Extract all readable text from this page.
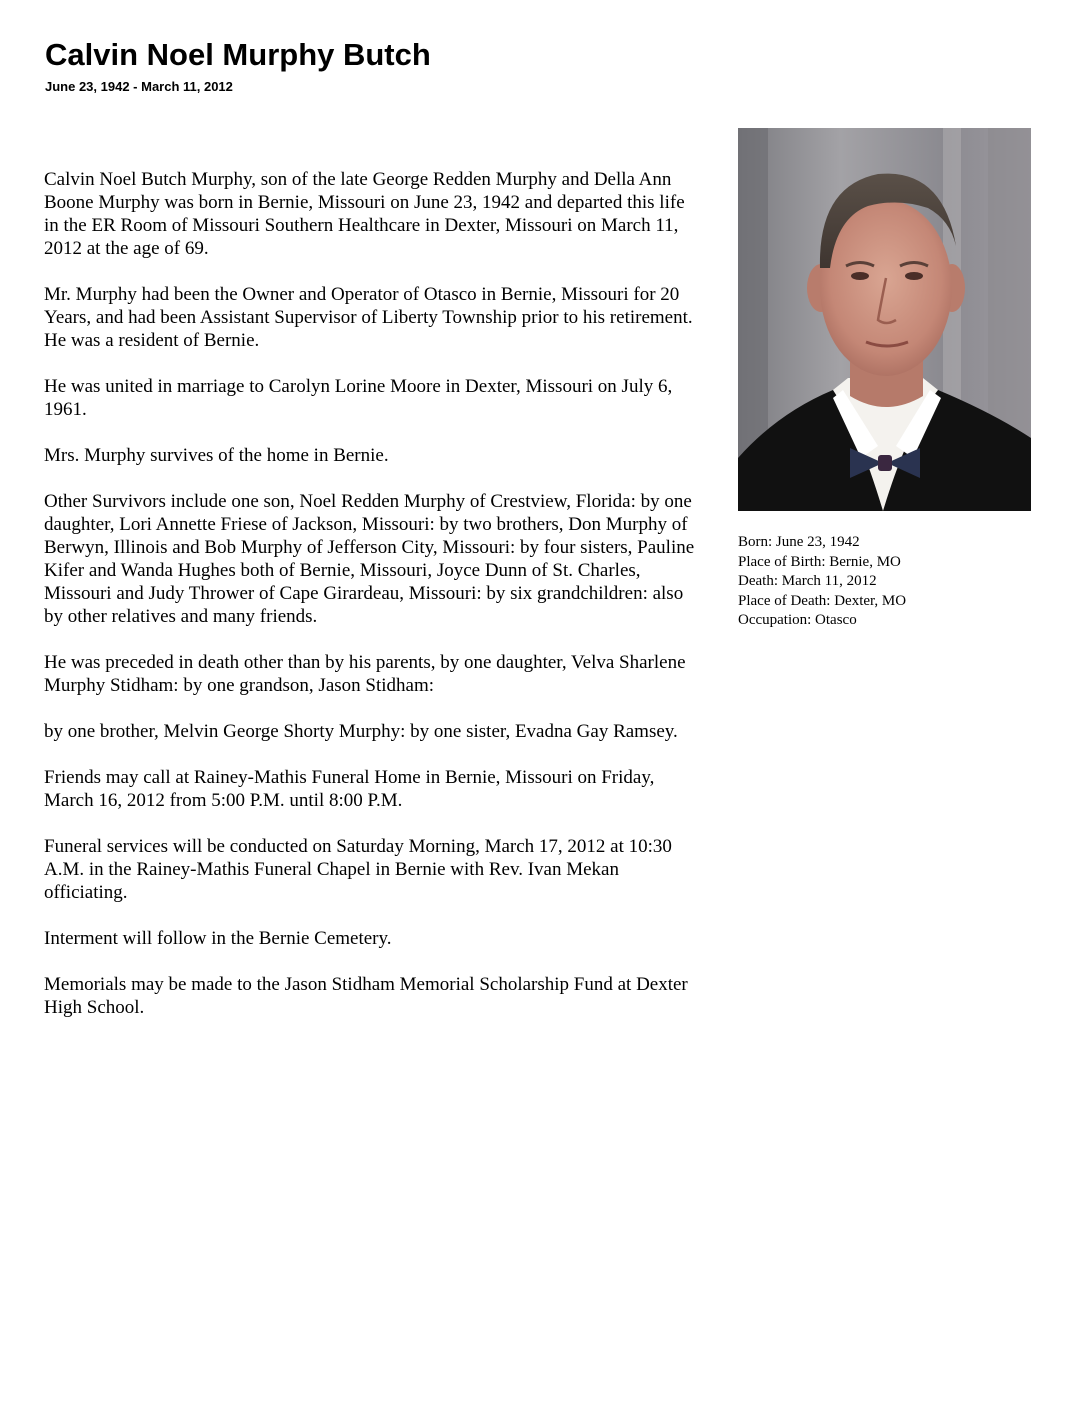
Calvin Noel Murphy Butch
June 23, 1942 - March 11, 2012

Calvin Noel Butch Murphy, son of the late George Redden Murphy and Della Ann Boone Murphy was born in Bernie, Missouri on June 23, 1942 and departed this life in the ER Room of Missouri Southern Healthcare in Dexter, Missouri on March 11, 2012 at the age of 69.

Mr. Murphy had been the Owner and Operator of Otasco in Bernie, Missouri for 20 Years, and had been Assistant Supervisor of Liberty Township prior to his retirement. He was a resident of Bernie.

He was united in marriage to Carolyn Lorine Moore in Dexter, Missouri on July 6, 1961.

Mrs. Murphy survives of the home in Bernie.

Other Survivors include one son, Noel Redden Murphy of Crestview, Florida: by one daughter, Lori Annette Friese of Jackson, Missouri: by two brothers, Don Murphy of Berwyn, Illinois and Bob Murphy of Jefferson City, Missouri: by four sisters, Pauline Kifer and Wanda Hughes both of Bernie, Missouri, Joyce Dunn of St. Charles, Missouri and Judy Thrower of Cape Girardeau, Missouri: by six grandchildren: also by other relatives and many friends.

He was preceded in death other than by his parents, by one daughter, Velva Sharlene Murphy Stidham: by one grandson, Jason Stidham:

by one brother, Melvin George Shorty Murphy: by one sister, Evadna Gay Ramsey.

Friends may call at Rainey-Mathis Funeral Home in Bernie, Missouri on Friday, March 16, 2012 from 5:00 P.M. until 8:00 P.M.

Funeral services will be conducted on Saturday Morning, March 17, 2012 at 10:30 A.M. in the Rainey-Mathis Funeral Chapel in Bernie with Rev. Ivan Mekan officiating.

Interment will follow in the Bernie Cemetery.

Memorials may be made to the Jason Stidham Memorial Scholarship Fund at Dexter High School.

Born: June 23, 1942
Place of Birth: Bernie, MO
Death: March 11, 2012
Place of Death: Dexter, MO
Occupation: Otasco
